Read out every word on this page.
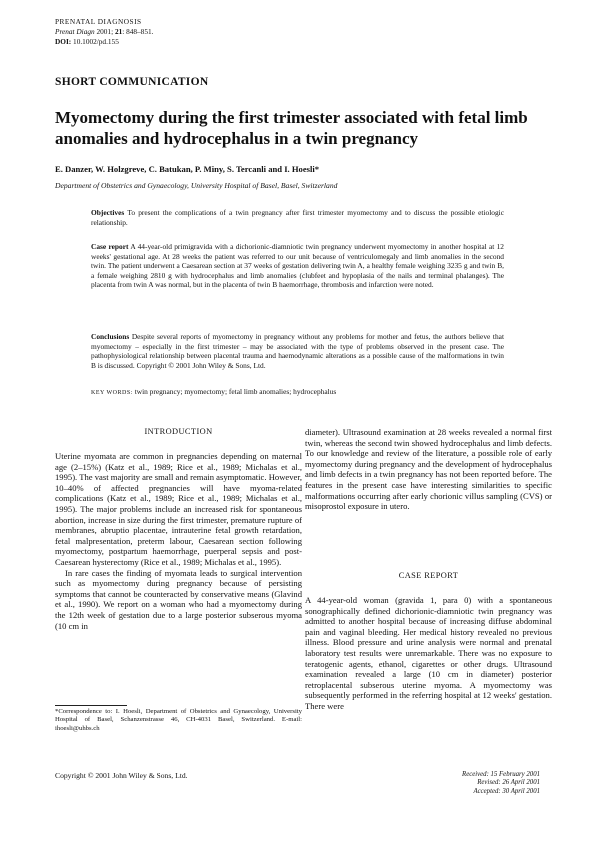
PRENATAL DIAGNOSIS
Prenat Diagn 2001; 21: 848–851.
DOI: 10.1002/pd.155
SHORT COMMUNICATION
Myomectomy during the first trimester associated with fetal limb anomalies and hydrocephalus in a twin pregnancy
E. Danzer, W. Holzgreve, C. Batukan, P. Miny, S. Tercanli and I. Hoesli*
Department of Obstetrics and Gynaecology, University Hospital of Basel, Basel, Switzerland
Objectives To present the complications of a twin pregnancy after first trimester myomectomy and to discuss the possible etiologic relationship.
Case report A 44-year-old primigravida with a dichorionic-diamniotic twin pregnancy underwent myomectomy in another hospital at 12 weeks' gestational age. At 28 weeks the patient was referred to our unit because of ventriculomegaly and limb anomalies in the second twin. The patient underwent a Caesarean section at 37 weeks of gestation delivering twin A, a healthy female weighing 3235 g and twin B, a female weighing 2810 g with hydrocephalus and limb anomalies (clubfeet and hypoplasia of the nails and terminal phalanges). The placenta from twin A was normal, but in the placenta of twin B haemorrhage, thrombosis and infarction were noted.
Conclusions Despite several reports of myomectomy in pregnancy without any problems for mother and fetus, the authors believe that myomectomy – especially in the first trimester – may be associated with the type of problems observed in the present case. The pathophysiological relationship between placental trauma and haemodynamic alterations as a possible cause of the malformations in twin B is discussed. Copyright © 2001 John Wiley & Sons, Ltd.
KEY WORDS: twin pregnancy; myomectomy; fetal limb anomalies; hydrocephalus
INTRODUCTION

Uterine myomata are common in pregnancies depending on maternal age (2–15%) (Katz et al., 1989; Rice et al., 1989; Michalas et al., 1995). The vast majority are small and remain asymptomatic. However, 10–40% of affected pregnancies will have myoma-related complications (Katz et al., 1989; Rice et al., 1989; Michalas et al., 1995). The major problems include an increased risk for spontaneous abortion, increase in size during the first trimester, premature rupture of membranes, abruptio placentae, intrauterine fetal growth retardation, fetal malpresentation, preterm labour, Caesarean section following myomectomy, postpartum haemorrhage, puerperal sepsis and post-Caesarean hysterectomy (Rice et al., 1989; Michalas et al., 1995).

In rare cases the finding of myomata leads to surgical intervention such as myomectomy during pregnancy because of persisting symptoms that cannot be counteracted by conservative means (Glavind et al., 1990). We report on a woman who had a myomectomy during the 12th week of gestation due to a large posterior subserous myoma (10 cm in

diameter). Ultrasound examination at 28 weeks revealed a normal first twin, whereas the second twin showed hydrocephalus and limb defects. To our knowledge and review of the literature, a possible role of early myomectomy during pregnancy and the development of hydrocephalus and limb defects in a twin pregnancy has not been reported before. The features in the present case have interesting similarities to specific malformations occurring after early chorionic villus sampling (CVS) or misoprostol exposure in utero.

CASE REPORT

A 44-year-old woman (gravida 1, para 0) with a spontaneous sonographically defined dichorionic-diamniotic twin pregnancy was admitted to another hospital because of increasing diffuse abdominal pain and vaginal bleeding. Her medical history revealed no previous illness. Blood pressure and urine analysis were normal and prenatal laboratory test results were unremarkable. There was no exposure to teratogenic agents, ethanol, cigarettes or other drugs. Ultrasound examination revealed a large (10 cm in diameter) posterior retroplacental subserous uterine myoma. A myomectomy was subsequently performed in the referring hospital at 12 weeks' gestation. There were

*Correspondence to: I. Hoesli, Department of Obstetrics and Gynaecology, University Hospital of Basel, Schanzenstrasse 46, CH-4031 Basel, Switzerland. E-mail: ihoesli@uhbs.ch
Copyright © 2001 John Wiley & Sons, Ltd.	Received: 15 February 2001
Revised: 26 April 2001
Accepted: 30 April 2001
